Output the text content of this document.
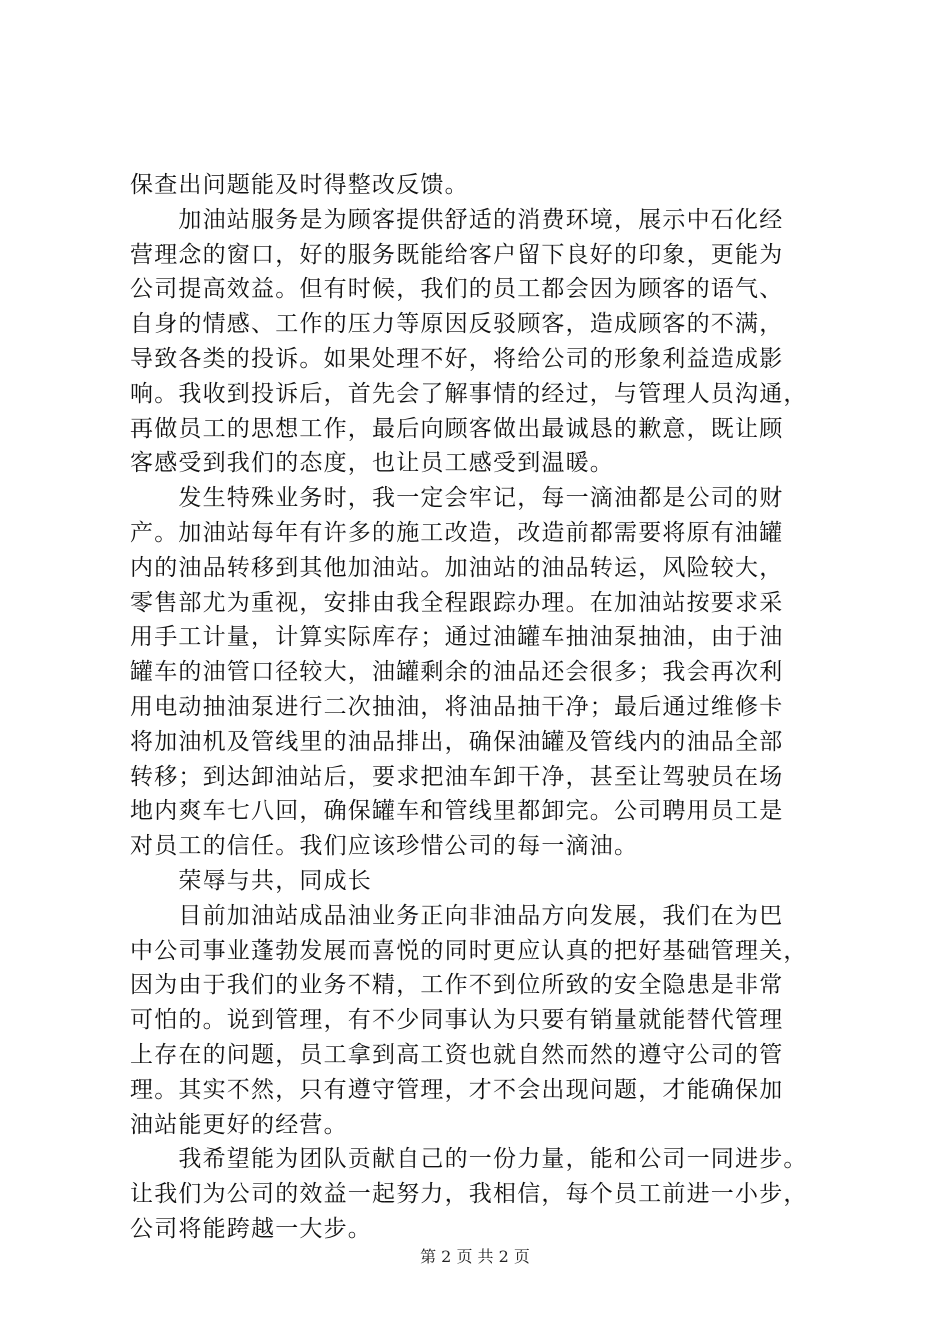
保查出问题能及时得整改反馈。
　　加油站服务是为顾客提供舒适的消费环境，展示中石化经
营理念的窗口，好的服务既能给客户留下良好的印象，更能为
公司提高效益。但有时候，我们的员工都会因为顾客的语气、
自身的情感、工作的压力等原因反驳顾客，造成顾客的不满，
导致各类的投诉。如果处理不好，将给公司的形象利益造成影
响。我收到投诉后，首先会了解事情的经过，与管理人员沟通，
再做员工的思想工作，最后向顾客做出最诚恳的歉意，既让顾
客感受到我们的态度，也让员工感受到温暖。
　　发生特殊业务时，我一定会牢记，每一滴油都是公司的财
产。加油站每年有许多的施工改造，改造前都需要将原有油罐
内的油品转移到其他加油站。加油站的油品转运，风险较大，
零售部尤为重视，安排由我全程跟踪办理。在加油站按要求采
用手工计量，计算实际库存；通过油罐车抽油泵抽油，由于油
罐车的油管口径较大，油罐剩余的油品还会很多；我会再次利
用电动抽油泵进行二次抽油，将油品抽干净；最后通过维修卡
将加油机及管线里的油品排出，确保油罐及管线内的油品全部
转移；到达卸油站后，要求把油车卸干净，甚至让驾驶员在场
地内爽车七八回，确保罐车和管线里都卸完。公司聘用员工是
对员工的信任。我们应该珍惜公司的每一滴油。
　　荣辱与共，同成长
　　目前加油站成品油业务正向非油品方向发展，我们在为巴
中公司事业蓬勃发展而喜悦的同时更应认真的把好基础管理关，
因为由于我们的业务不精，工作不到位所致的安全隐患是非常
可怕的。说到管理，有不少同事认为只要有销量就能替代管理
上存在的问题，员工拿到高工资也就自然而然的遵守公司的管
理。其实不然，只有遵守管理，才不会出现问题，才能确保加
油站能更好的经营。
　　我希望能为团队贡献自己的一份力量，能和公司一同进步。
让我们为公司的效益一起努力，我相信，每个员工前进一小步，
公司将能跨越一大步。
第 2 页 共 2 页
